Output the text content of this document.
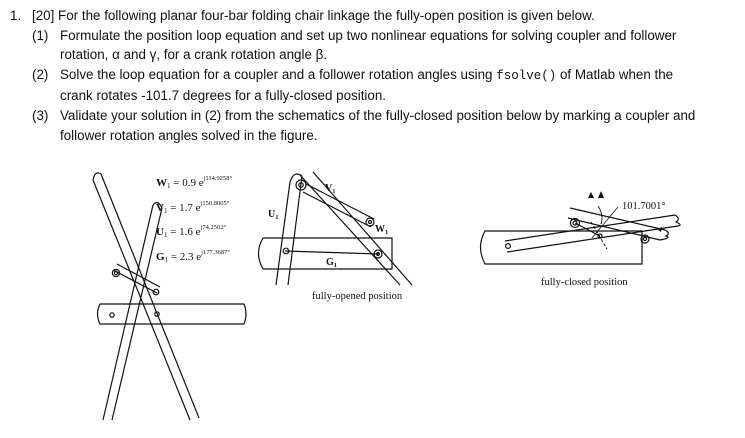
1. [20] For the following planar four-bar folding chair linkage the fully-open position is given below.
(1) Formulate the position loop equation and set up two nonlinear equations for solving coupler and follower
rotation, α and γ, for a crank rotation angle β.
(2) Solve the loop equation for a coupler and a follower rotation angles using fsolve() of Matlab when the
crank rotates -101.7 degrees for a fully-closed position.
(3) Validate your solution in (2) from the schematics of the fully-closed position below by marking a coupler and
follower rotation angles solved in the figure.
W1 = 0.9 $e^{j114.9258^\circ}$
V1 = 1.7 $e^{j150.8005^\circ}$
U1 = 1.6 $e^{j74.2502^\circ}$
G1 = 2.3 $e^{j177.3687^\circ}$
$V_1$
$U_1$
$W_1$
$G_1$
fully-opened position
fully-closed position
101.7001°
